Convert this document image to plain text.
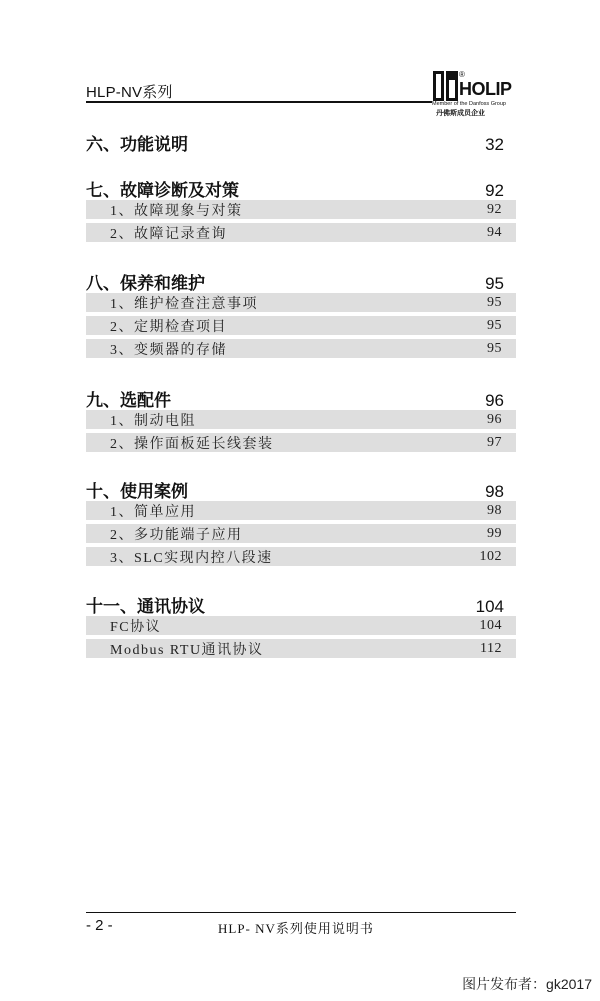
HLP-NV系列
®
HOLIP
Member of the Danfoss Group
丹佛斯成员企业
六、功能说明	32
七、故障诊断及对策	92
1、故障现象与对策	92
2、故障记录查询	94
八、保养和维护	95
1、维护检查注意事项	95
2、定期检查项目	95
3、变频器的存储	95
九、选配件	96
1、制动电阻	96
2、操作面板延长线套装	97
十、使用案例	98
1、简单应用	98
2、多功能端子应用	99
3、SLC实现内控八段速	102
十一、通讯协议	104
FC协议	104
Modbus RTU通讯协议	112
- 2 -	HLP- NV系列使用说明书
图片发布者：gk2017
